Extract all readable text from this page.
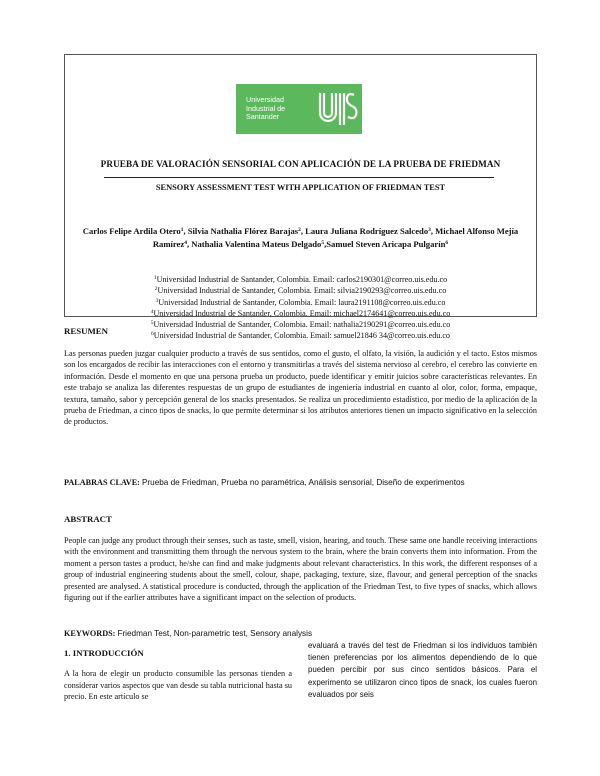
Universidad
Industrial de
Santander
PRUEBA DE VALORACIÓN SENSORIAL CON APLICACIÓN DE LA PRUEBA DE FRIEDMAN
SENSORY ASSESSMENT TEST WITH APPLICATION OF FRIEDMAN TEST
Carlos Felipe Ardila Otero$^1$, Silvia Nathalia Flórez Barajas$^2$, Laura Juliana Rodríguez Salcedo$^3$, Michael Alfonso Mejía Ramírez$^4$, Nathalia Valentina Mateus Delgado$^5$,Samuel Steven Aricapa Pulgarín$^6$
$^1$Universidad Industrial de Santander, Colombia. Email: carlos2190301@correo.uis.edu.co
$^2$Universidad Industrial de Santander, Colombia. Email: silvia2190293@correo.uis.edu.co
$^3$Universidad Industrial de Santander, Colombia. Email: laura2191108@correo.uis.edu.co
$^4$Universidad Industrial de Santander, Colombia. Email: michael2174641@correo.uis.edu.co
$^5$Universidad Industrial de Santander, Colombia. Email: nathalia2190291@correo.uis.edu.co
$^6$Universidad Industrial de Santander, Colombia. Email: samuel21846 34@correo.uis.edu.co
RESUMEN
Las personas pueden juzgar cualquier producto a través de sus sentidos, como el gusto, el olfato, la visión, la audición y el tacto. Estos mismos son los encargados de recibir las interacciones con el entorno y transmitirlas a través del sistema nervioso al cerebro, el cerebro las convierte en información. Desde el momento en que una persona prueba un producto, puede identificar y emitir juicios sobre características relevantes. En este trabajo se analiza las diferentes respuestas de un grupo de estudiantes de ingeniería industrial en cuanto al olor, color, forma, empaque, textura, tamaño, sabor y percepción general de los snacks presentados. Se realiza un procedimiento estadístico, por medio de la aplicación de la prueba de Friedman, a cinco tipos de snacks, lo que permite determinar si los atributos anteriores tienen un impacto significativo en la selección de productos.
PALABRAS CLAVE: Prueba de Friedman, Prueba no paramétrica, Análisis sensorial, Diseño de experimentos
ABSTRACT
People can judge any product through their senses, such as taste, smell, vision, hearing, and touch. These same one handle receiving interactions with the environment and transmitting them through the nervous system to the brain, where the brain converts them into information. From the moment a person tastes a product, he/she can find and make judgments about relevant characteristics. In this work, the different responses of a group of industrial engineering students about the smell, colour, shape, packaging, texture, size, flavour, and general perception of the snacks presented are analysed. A statistical procedure is conducted, through the application of the Friedman Test, to five types of snacks, which allows figuring out if the earlier attributes have a significant impact on the selection of products.
KEYWORDS: Friedman Test, Non-parametric test, Sensory analysis
1. INTRODUCCIÓN
A la hora de elegir un producto consumible las personas tienden a considerar varios aspectos que van desde su tabla nutricional hasta su precio. En este artículo se
evaluará a través del test de Friedman si los individuos también tienen preferencias por los alimentos dependiendo de lo que pueden percibir por sus cinco sentidos básicos. Para el experimento se utilizaron cinco tipos de snack, los cuales fueron evaluados por seis
